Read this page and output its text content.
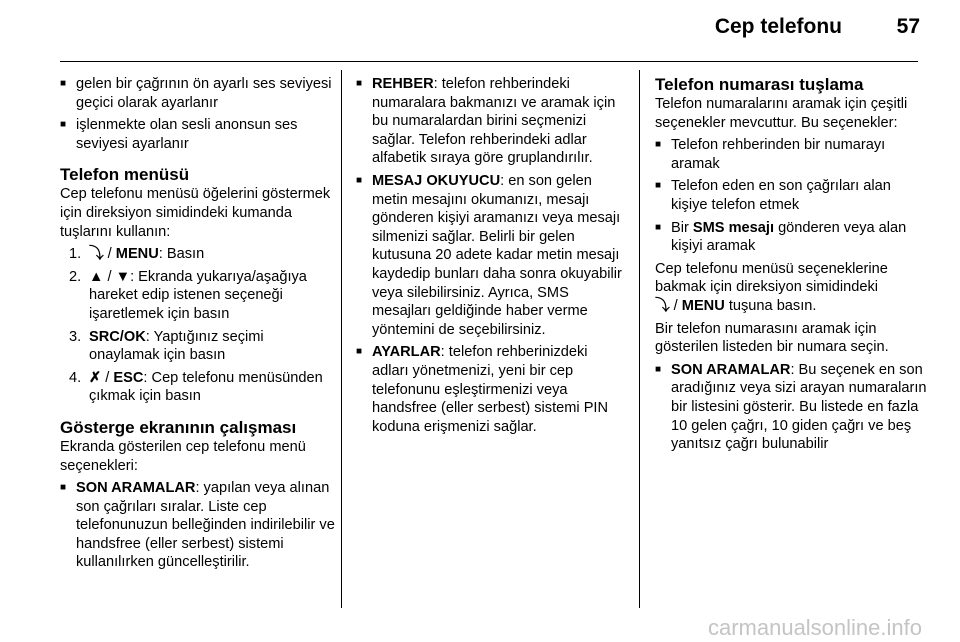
Cep telefonu	57
■ gelen bir çağrının ön ayarlı ses seviyesi geçici olarak ayarlanır
■ işlenmekte olan sesli anonsun ses seviyesi ayarlanır
Telefon menüsü
Cep telefonu menüsü öğelerini göstermek için direksiyon simidindeki kumanda tuşlarını kullanın:
1. ⤵ / MENU: Basın
2. ▲ / ▼: Ekranda yukarıya/aşağıya hareket edip istenen seçeneği işaretlemek için basın
3. SRC/OK: Yaptığınız seçimi onaylamak için basın
4. ✗ / ESC: Cep telefonu menüsünden çıkmak için basın
Gösterge ekranının çalışması
Ekranda gösterilen cep telefonu menü seçenekleri:
■ SON ARAMALAR: yapılan veya alınan son çağrıları sıralar. Liste cep telefonunuzun belleğinden indirilebilir ve handsfree (eller serbest) sistemi kullanılırken güncelleştirilir.
■ REHBER: telefon rehberindeki numaralara bakmanızı ve aramak için bu numaralardan birini seçmenizi sağlar. Telefon rehberindeki adlar alfabetik sıraya göre gruplandırılır.
■ MESAJ OKUYUCU: en son gelen metin mesajını okumanızı, mesajı gönderen kişiyi aramanızı veya mesajı silmenizi sağlar. Belirli bir gelen kutusuna 20 adete kadar metin mesajı kaydedip bunları daha sonra okuyabilir veya silebilirsiniz. Ayrıca, SMS mesajları geldiğinde haber verme yöntemini de seçebilirsiniz.
■ AYARLAR: telefon rehberinizdeki adları yönetmenizi, yeni bir cep telefonunu eşleştirmenizi veya handsfree (eller serbest) sistemi PIN koduna erişmenizi sağlar.
Telefon numarası tuşlama
Telefon numaralarını aramak için çeşitli seçenekler mevcuttur. Bu seçenekler:
■ Telefon rehberinden bir numarayı aramak
■ Telefon eden en son çağrıları alan kişiye telefon etmek
■ Bir SMS mesajı gönderen veya alan kişiyi aramak
Cep telefonu menüsü seçeneklerine bakmak için direksiyon simidindeki
⤵ / MENU tuşuna basın.
Bir telefon numarasını aramak için gösterilen listeden bir numara seçin.
■ SON ARAMALAR: Bu seçenek en son aradığınız veya sizi arayan numaraların bir listesini gösterir. Bu listede en fazla 10 gelen çağrı, 10 giden çağrı ve beş yanıtsız çağrı bulunabilir
carmanualsonline.info
